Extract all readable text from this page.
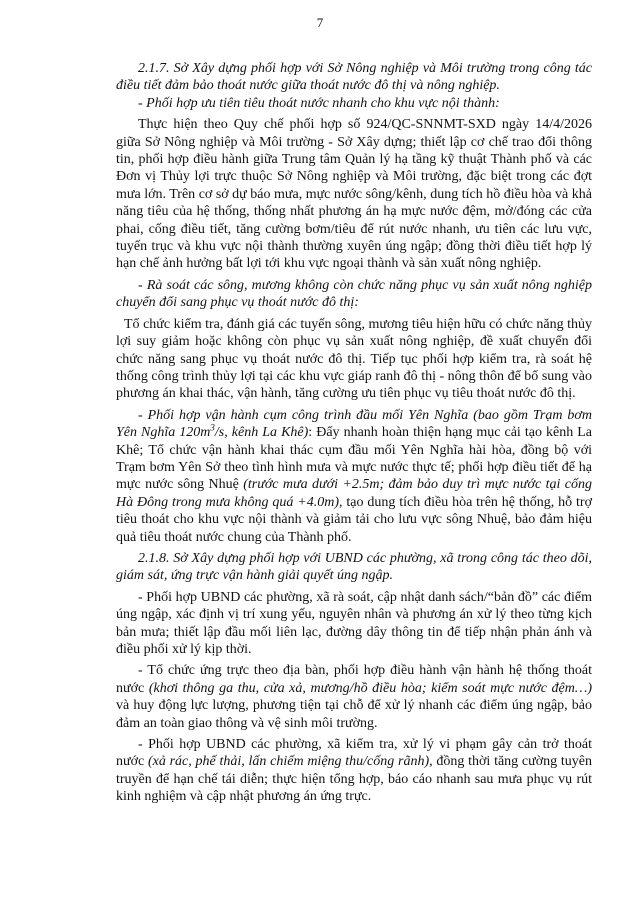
7

2.1.7. Sở Xây dựng phối hợp với Sở Nông nghiệp và Môi trường trong công tác điều tiết đảm bảo thoát nước giữa thoát nước đô thị và nông nghiệp.

- Phối hợp ưu tiên tiêu thoát nước nhanh cho khu vực nội thành:

Thực hiện theo Quy chế phối hợp số 924/QC-SNNMT-SXD ngày 14/4/2026 giữa Sở Nông nghiệp và Môi trường - Sở Xây dựng; thiết lập cơ chế trao đổi thông tin, phối hợp điều hành giữa Trung tâm Quản lý hạ tầng kỹ thuật Thành phố và các Đơn vị Thủy lợi trực thuộc Sở Nông nghiệp và Môi trường, đặc biệt trong các đợt mưa lớn. Trên cơ sở dự báo mưa, mực nước sông/kênh, dung tích hồ điều hòa và khả năng tiêu của hệ thống, thống nhất phương án hạ mực nước đệm, mở/đóng các cửa phai, cống điều tiết, tăng cường bơm/tiêu để rút nước nhanh, ưu tiên các lưu vực, tuyến trục và khu vực nội thành thường xuyên úng ngập; đồng thời điều tiết hợp lý hạn chế ảnh hưởng bất lợi tới khu vực ngoại thành và sản xuất nông nghiệp.

- Rà soát các sông, mương không còn chức năng phục vụ sản xuất nông nghiệp chuyển đổi sang phục vụ thoát nước đô thị:

Tổ chức kiểm tra, đánh giá các tuyến sông, mương tiêu hiện hữu có chức năng thủy lợi suy giảm hoặc không còn phục vụ sản xuất nông nghiệp, đề xuất chuyển đổi chức năng sang phục vụ thoát nước đô thị. Tiếp tục phối hợp kiểm tra, rà soát hệ thống công trình thủy lợi tại các khu vực giáp ranh đô thị - nông thôn để bổ sung vào phương án khai thác, vận hành, tăng cường ưu tiên phục vụ tiêu thoát nước đô thị.

- Phối hợp vận hành cụm công trình đầu mối Yên Nghĩa (bao gồm Trạm bơm Yên Nghĩa $120m^3/s$, kênh La Khê): Đẩy nhanh hoàn thiện hạng mục cải tạo kênh La Khê; Tổ chức vận hành khai thác cụm đầu mối Yên Nghĩa hài hòa, đồng bộ với Trạm bơm Yên Sở theo tình hình mưa và mực nước thực tế; phối hợp điều tiết để hạ mực nước sông Nhuệ (trước mưa dưới +2.5m; đảm bảo duy trì mực nước tại cống Hà Đông trong mưa không quá +4.0m), tạo dung tích điều hòa trên hệ thống, hỗ trợ tiêu thoát cho khu vực nội thành và giảm tải cho lưu vực sông Nhuệ, bảo đảm hiệu quả tiêu thoát nước chung của Thành phố.

2.1.8. Sở Xây dựng phối hợp với UBND các phường, xã trong công tác theo dõi, giám sát, ứng trực vận hành giải quyết úng ngập.

- Phối hợp UBND các phường, xã rà soát, cập nhật danh sách/“bản đồ” các điểm úng ngập, xác định vị trí xung yếu, nguyên nhân và phương án xử lý theo từng kịch bản mưa; thiết lập đầu mối liên lạc, đường dây thông tin để tiếp nhận phản ánh và điều phối xử lý kịp thời.

- Tổ chức ứng trực theo địa bàn, phối hợp điều hành vận hành hệ thống thoát nước (khơi thông ga thu, cửa xả, mương/hồ điều hòa; kiểm soát mực nước đệm…) và huy động lực lượng, phương tiện tại chỗ để xử lý nhanh các điểm úng ngập, bảo đảm an toàn giao thông và vệ sinh môi trường.

- Phối hợp UBND các phường, xã kiểm tra, xử lý vi phạm gây cản trở thoát nước (xả rác, phế thải, lấn chiếm miệng thu/cống rãnh), đồng thời tăng cường tuyên truyền để hạn chế tái diễn; thực hiện tổng hợp, báo cáo nhanh sau mưa phục vụ rút kinh nghiệm và cập nhật phương án ứng trực.
